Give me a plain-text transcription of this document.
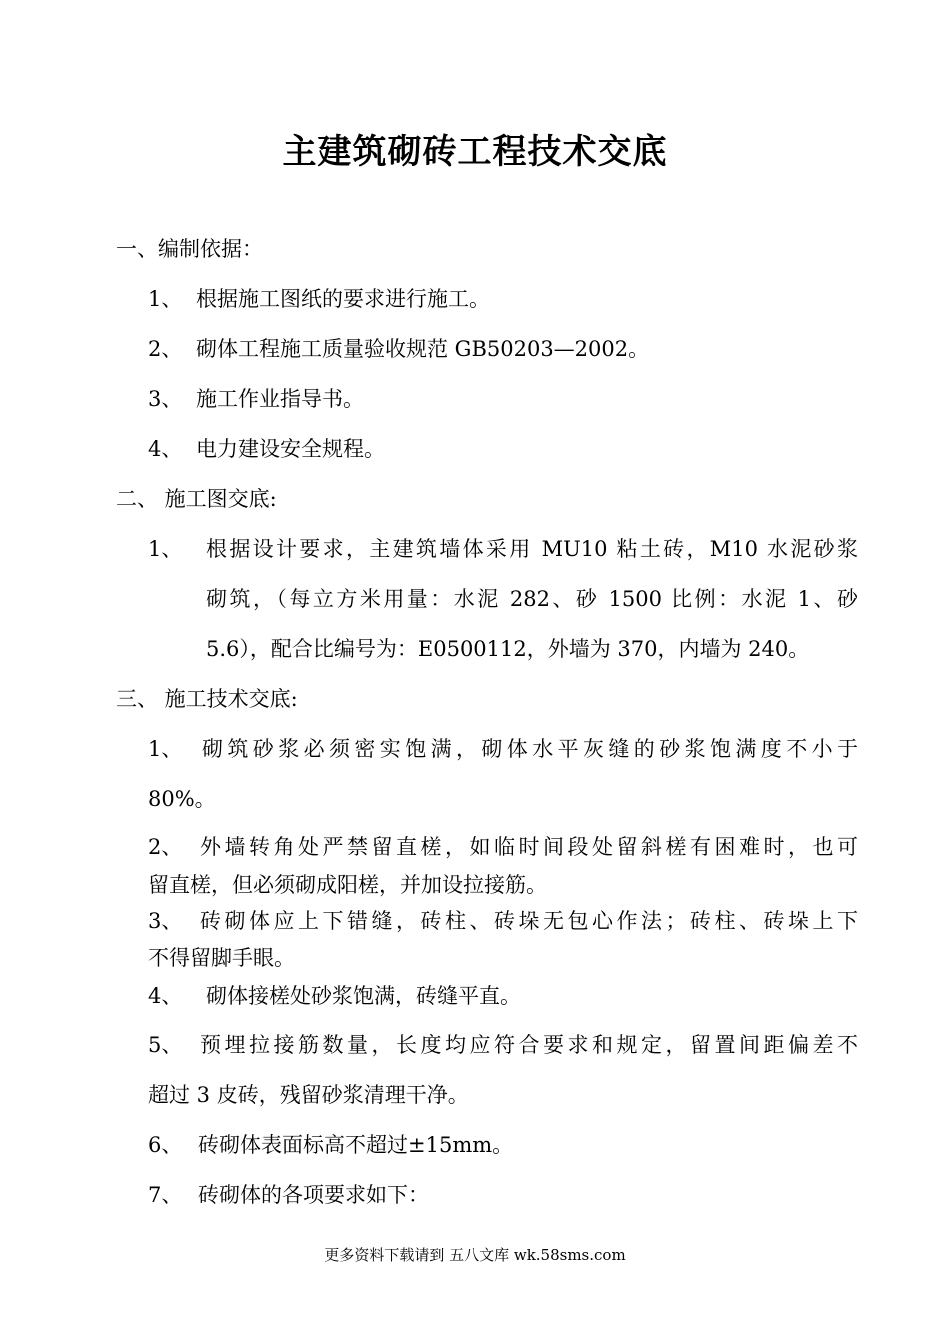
主建筑砌砖工程技术交底
一、编制依据：
1、 根据施工图纸的要求进行施工。
2、 砌体工程施工质量验收规范 GB50203—2002。
3、 施工作业指导书。
4、 电力建设安全规程。
二、 施工图交底:
1、 根据设计要求，主建筑墙体采用 MU10 粘土砖，M10 水泥砂浆
砌筑，（每立方米用量：水泥 282、砂 1500 比例：水泥 1、砂
5.6），配合比编号为：E0500112，外墙为 370，内墙为 240。
三、 施工技术交底:
1、 砌筑砂浆必须密实饱满，砌体水平灰缝的砂浆饱满度不小于
80%。
2、 外墙转角处严禁留直槎，如临时间段处留斜槎有困难时，也可
留直槎，但必须砌成阳槎，并加设拉接筋。
3、 砖砌体应上下错缝，砖柱、砖垛无包心作法；砖柱、砖垛上下
不得留脚手眼。
4、 砌体接槎处砂浆饱满，砖缝平直。
5、 预埋拉接筋数量，长度均应符合要求和规定，留置间距偏差不
超过 3 皮砖，残留砂浆清理干净。
6、 砖砌体表面标高不超过±15mm。
7、 砖砌体的各项要求如下：
更多资料下载请到 五八文库 wk.58sms.com
